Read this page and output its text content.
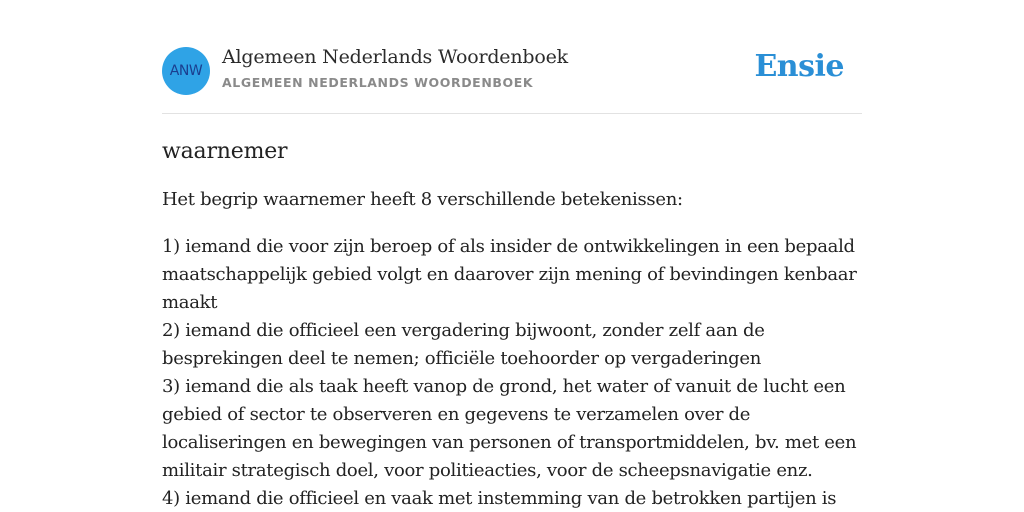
ANW
Algemeen Nederlands Woordenboek
ALGEMEEN NEDERLANDS WOORDENBOEK	Ensie
waarnemer

Het begrip waarnemer heeft 8 verschillende betekenissen:

1) iemand die voor zijn beroep of als insider de ontwikkelingen in een bepaald maatschappelijk gebied volgt en daarover zijn mening of bevindingen kenbaar maakt
2) iemand die officieel een vergadering bijwoont, zonder zelf aan de besprekingen deel te nemen; officiële toehoorder op vergaderingen
3) iemand die als taak heeft vanop de grond, het water of vanuit de lucht een gebied of sector te observeren en gegevens te verzamelen over de localiseringen en bewegingen van personen of transportmiddelen, bv. met een militair strategisch doel, voor politieacties, voor de scheepsnavigatie enz.
4) iemand die officieel en vaak met instemming van de betrokken partijen is
